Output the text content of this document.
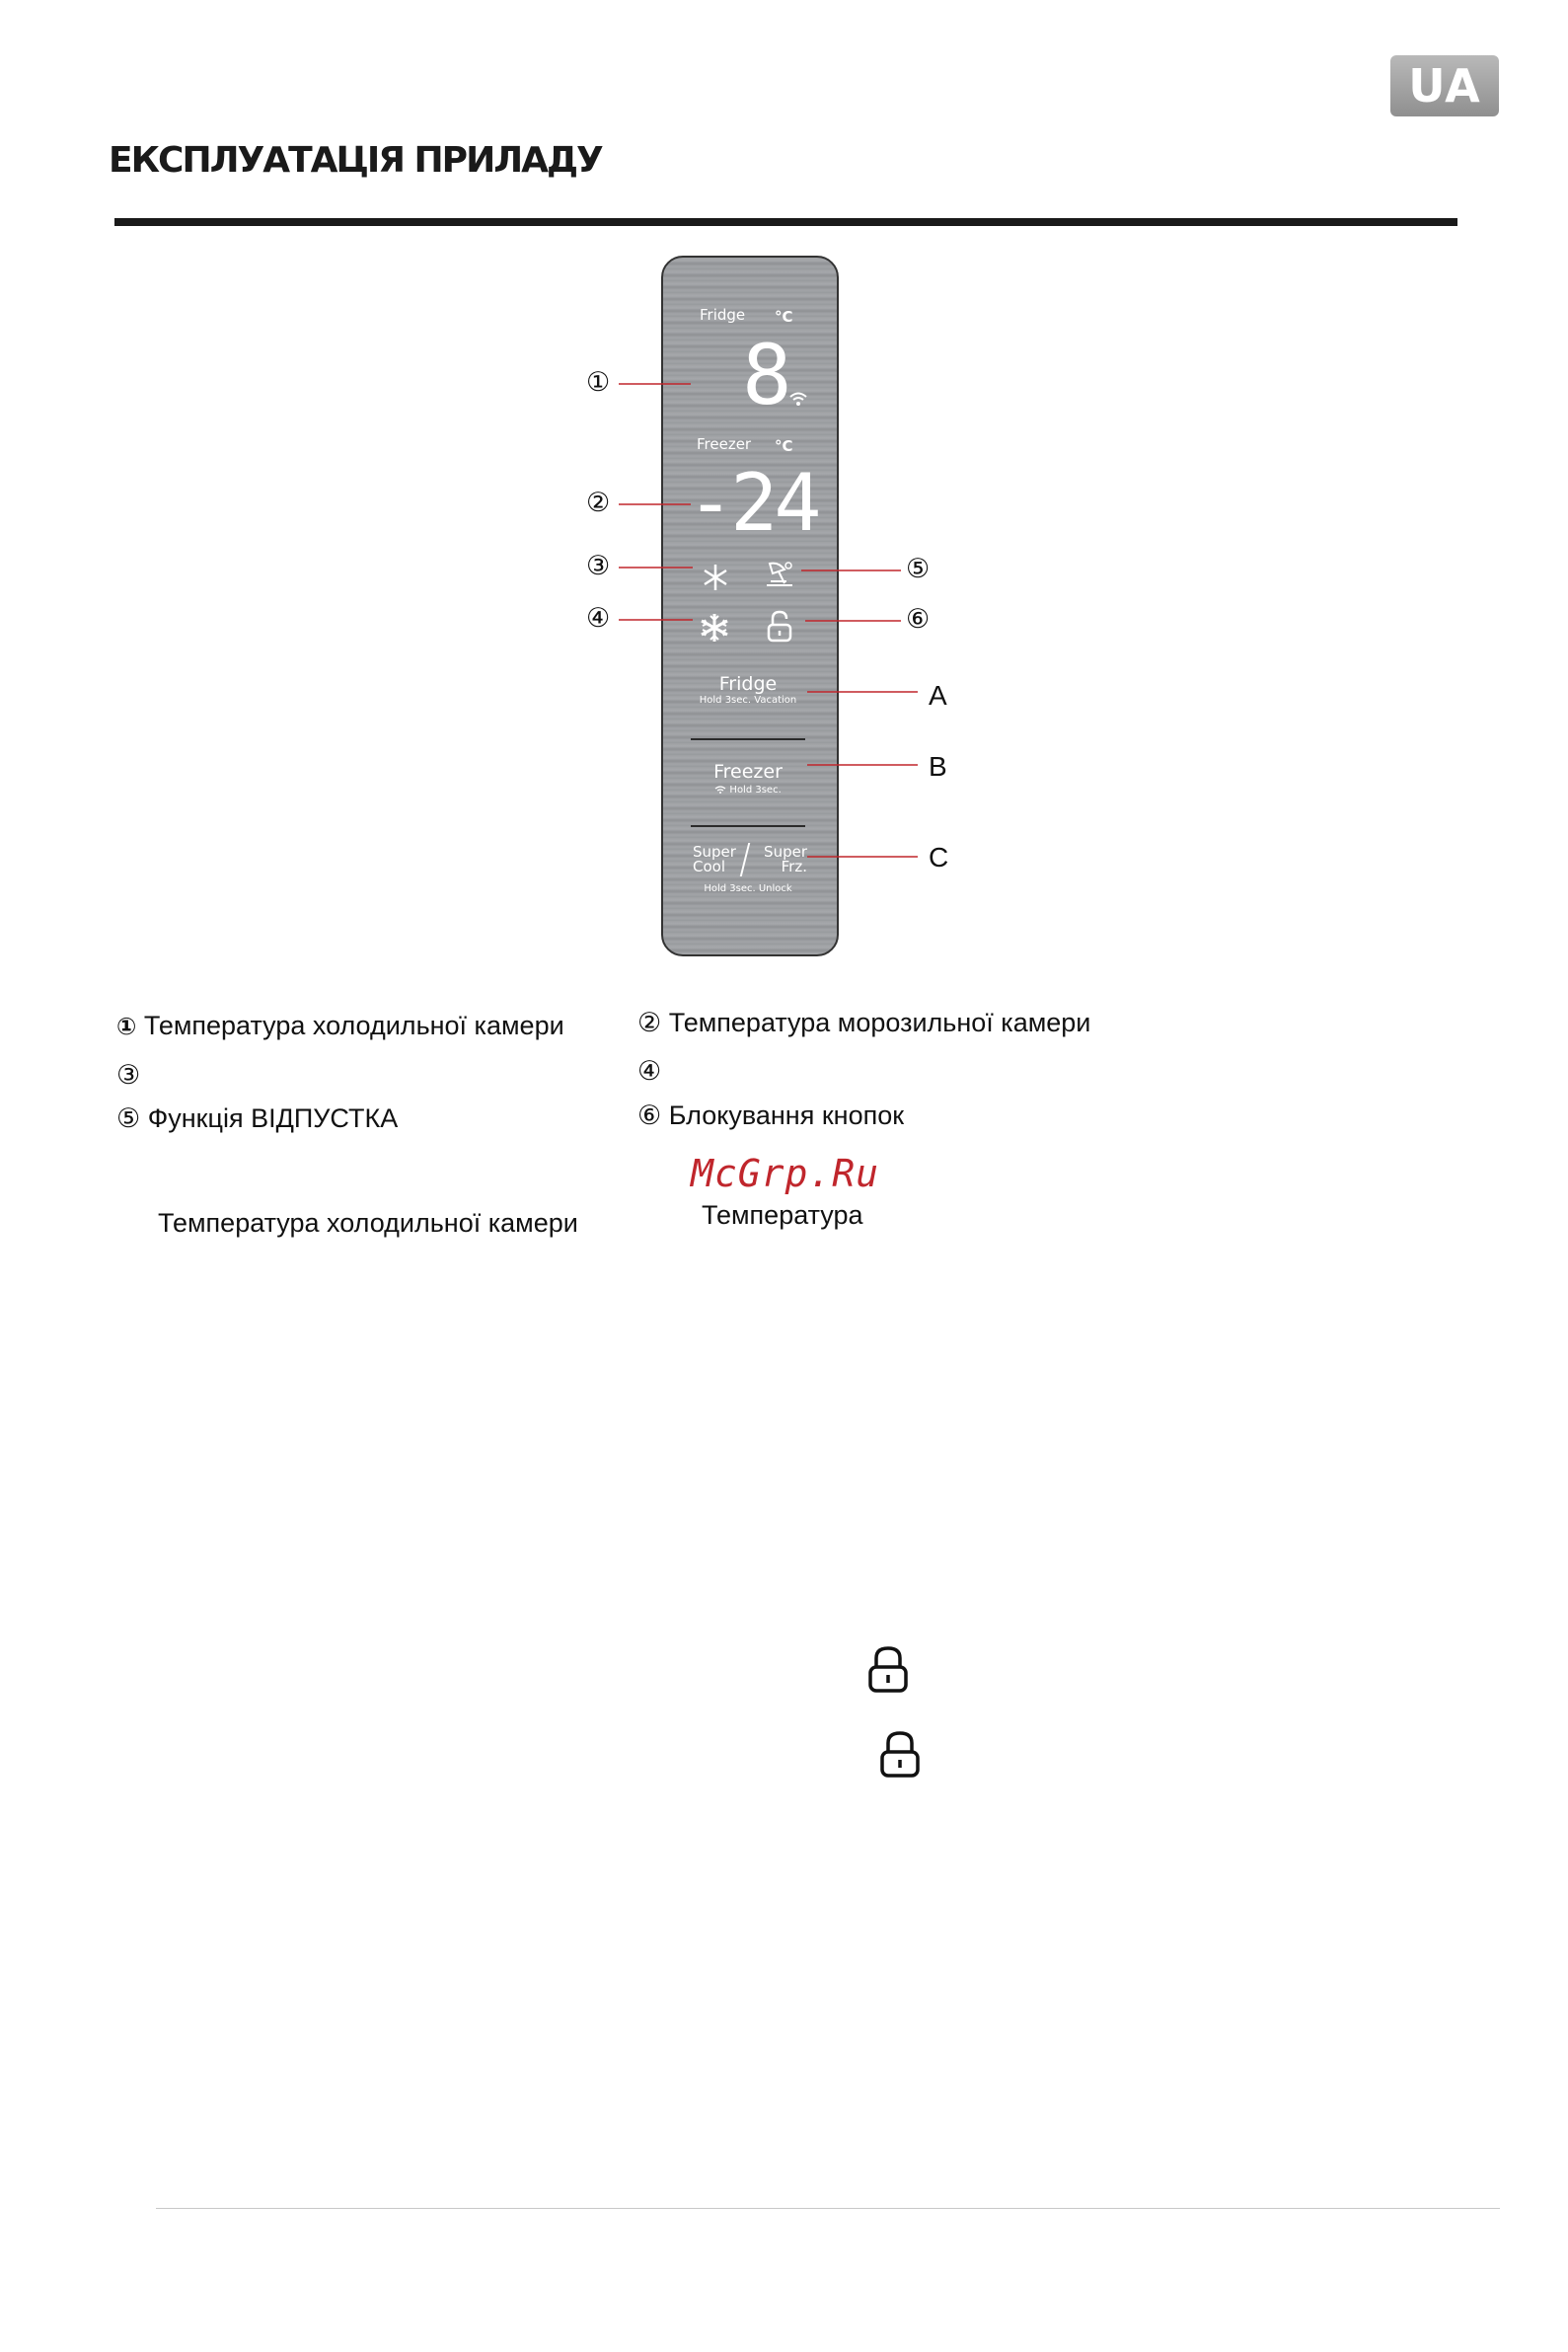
UA
ЕКСПЛУАТАЦІЯ ПРИЛАДУ
Fridge °C
8
Freezer °C
-24
Fridge
Hold 3sec. Vacation
Freezer
Hold 3sec.
Super Cool
Super Frz.
Hold 3sec. Unlock
①
②
③
④
⑤
⑥
A
B
C
① Температура холодильної камери	② Температура морозильної камери
③	④
⑤ Функція ВІДПУСТКА	⑥ Блокування кнопок
McGrp.Ru
Температура холодильної камери	Температура
